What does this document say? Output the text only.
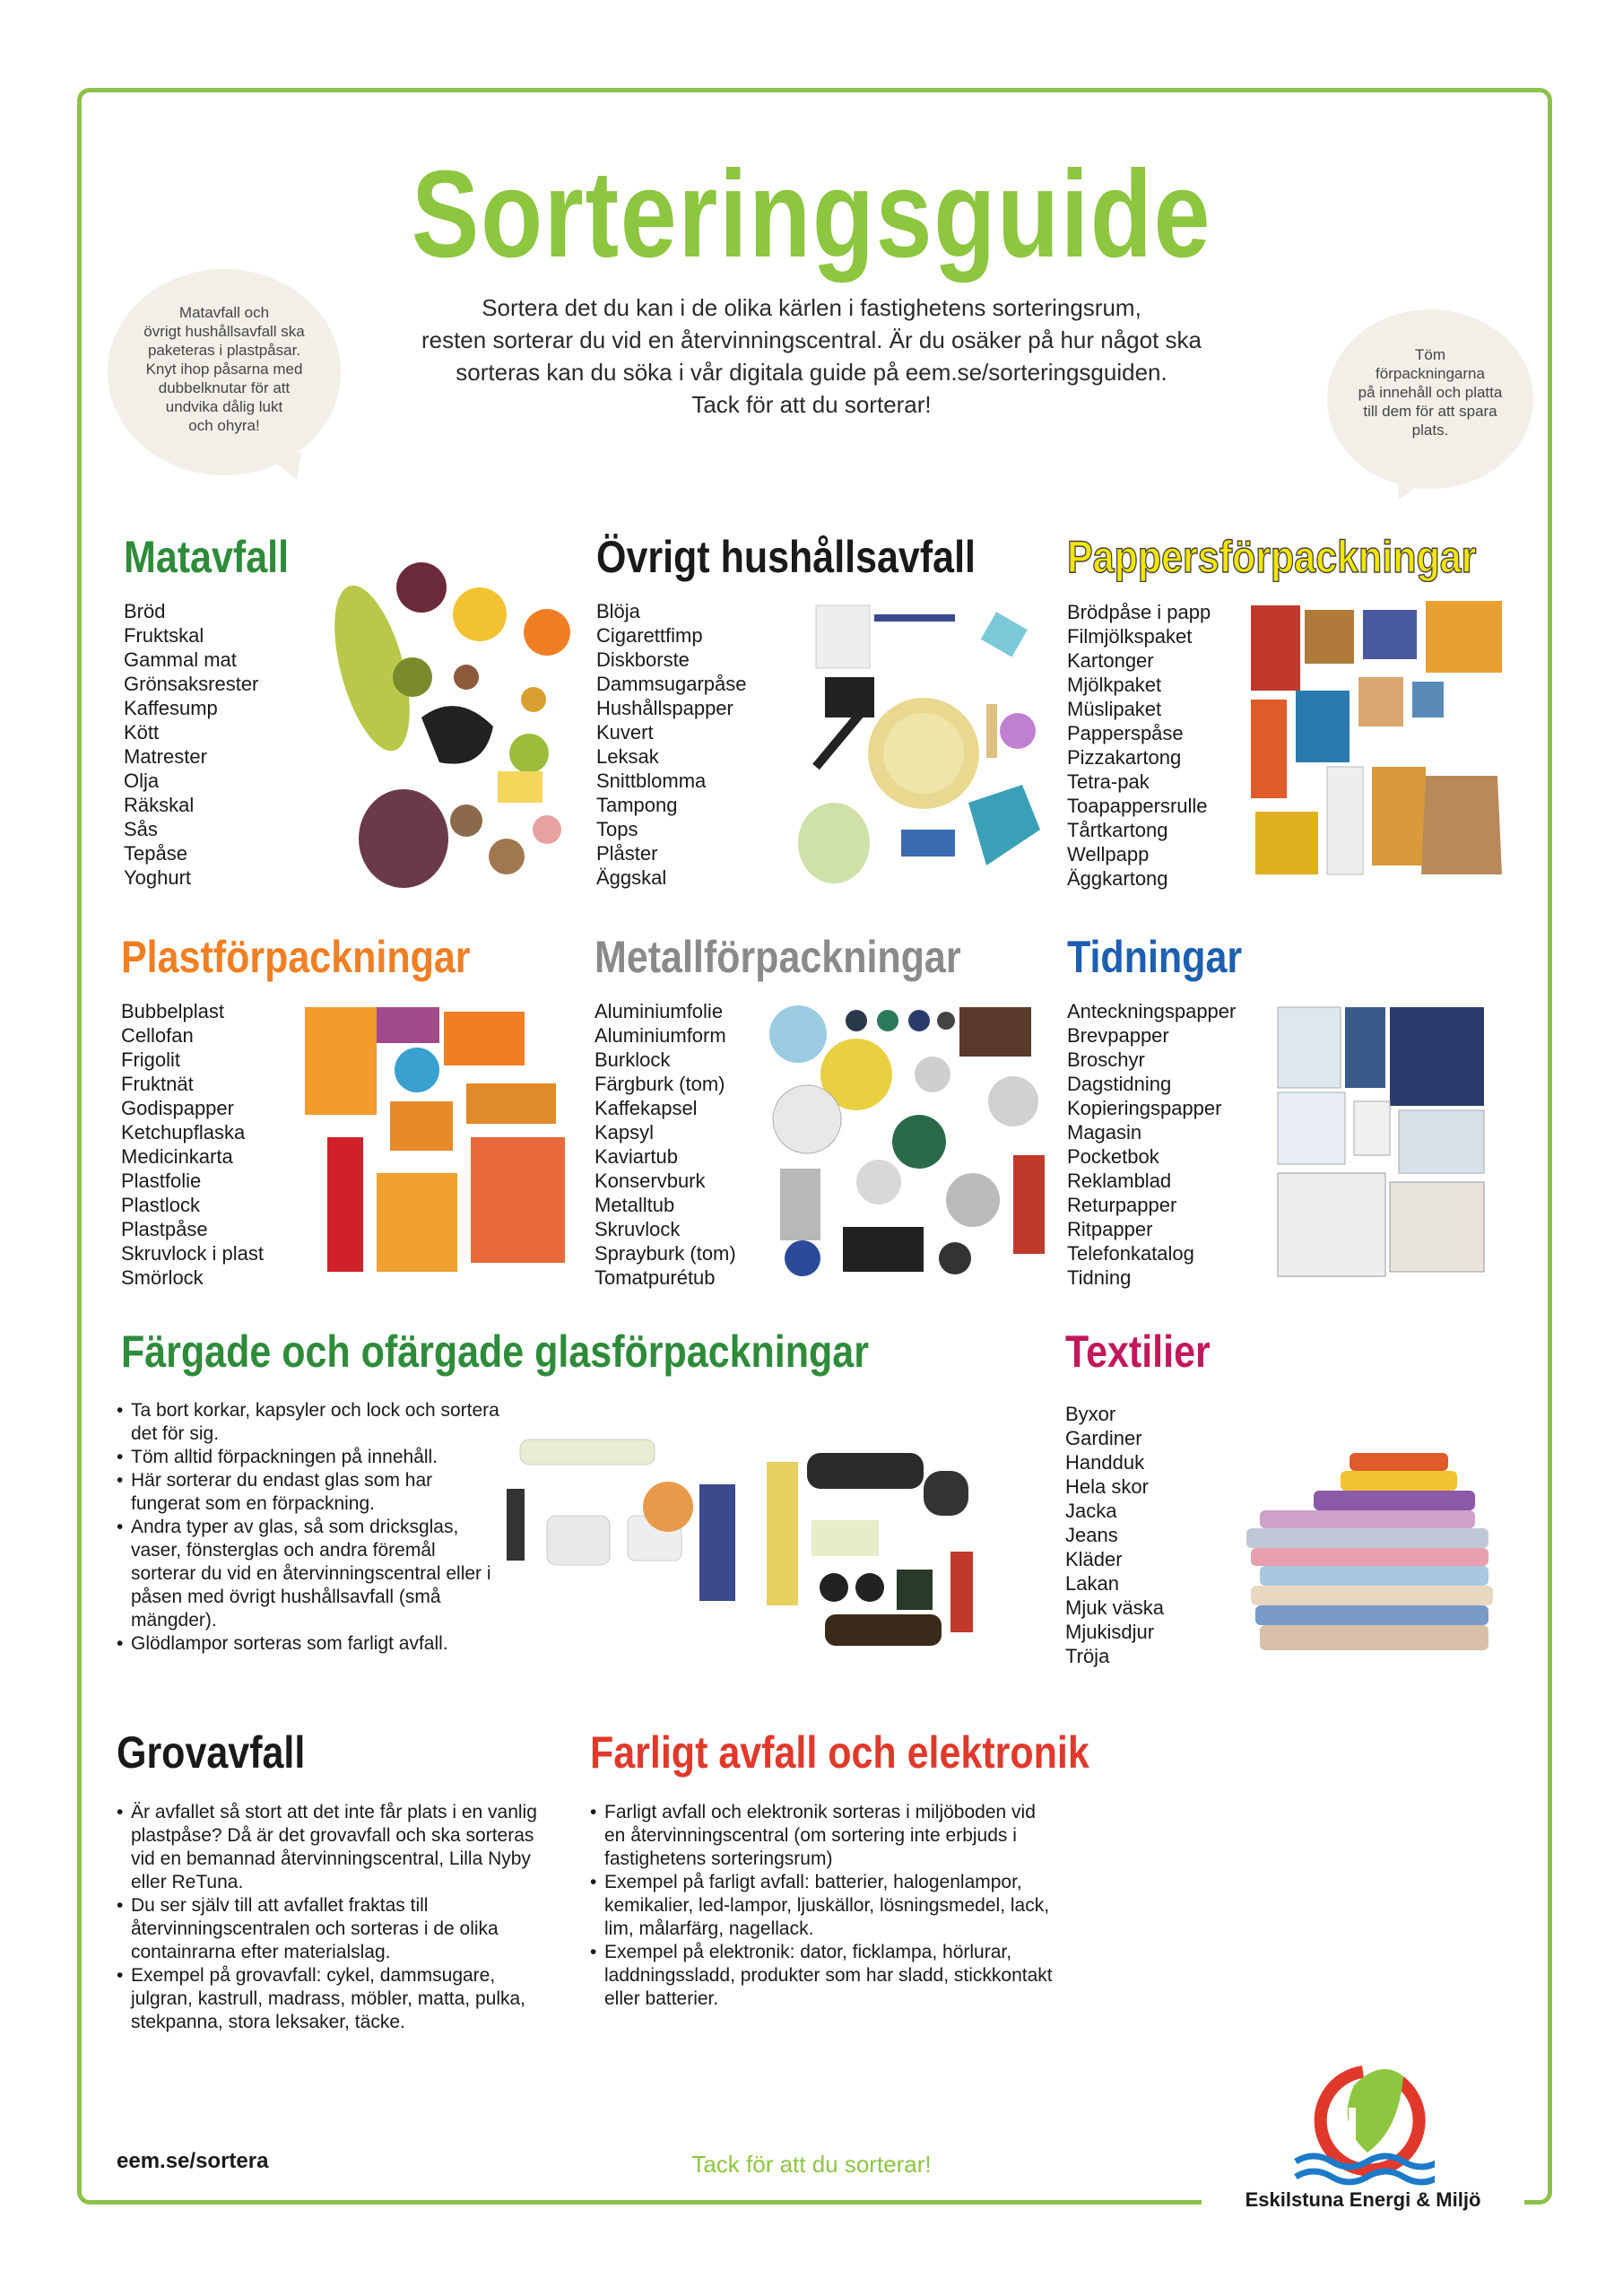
Sorteringsguide
Sortera det du kan i de olika kärlen i fastighetens sorteringsrum,
resten sorterar du vid en återvinningscentral. Är du osäker på hur något ska
sorteras kan du söka i vår digitala guide på eem.se/sorteringsguiden.
Tack för att du sorterar!
Matavfall och
övrigt hushållsavfall ska
paketeras i plastpåsar.
Knyt ihop påsarna med
dubbelknutar för att
undvika dålig lukt
och ohyra!
Töm
förpackningarna
på innehåll och platta
till dem för att spara
plats.
Matavfall
Bröd
Fruktskal
Gammal mat
Grönsaksrester
Kaffesump
Kött
Matrester
Olja
Räkskal
Sås
Tepåse
Yoghurt
Övrigt hushållsavfall
Blöja
Cigarettfimp
Diskborste
Dammsugarpåse
Hushållspapper
Kuvert
Leksak
Snittblomma
Tampong
Tops
Plåster
Äggskal
Pappersförpackningar
Brödpåse i papp
Filmjölkspaket
Kartonger
Mjölkpaket
Müslipaket
Papperspåse
Pizzakartong
Tetra-pak
Toapappersrulle
Tårtkartong
Wellpapp
Äggkartong
Plastförpackningar
Bubbelplast
Cellofan
Frigolit
Fruktnät
Godispapper
Ketchupflaska
Medicinkarta
Plastfolie
Plastlock
Plastpåse
Skruvlock i plast
Smörlock
Metallförpackningar
Aluminiumfolie
Aluminiumform
Burklock
Färgburk (tom)
Kaffekapsel
Kapsyl
Kaviartub
Konservburk
Metalltub
Skruvlock
Sprayburk (tom)
Tomatpurétub
Tidningar
Anteckningspapper
Brevpapper
Broschyr
Dagstidning
Kopieringspapper
Magasin
Pocketbok
Reklamblad
Returpapper
Ritpapper
Telefonkatalog
Tidning
Färgade och ofärgade glasförpackningar
• Ta bort korkar, kapsyler och lock och sortera det för sig.
• Töm alltid förpackningen på innehåll.
• Här sorterar du endast glas som har fungerat som en förpackning.
• Andra typer av glas, så som dricksglas, vaser, fönsterglas och andra föremål sorterar du vid en återvinningscentral eller i påsen med övrigt hushållsavfall (små mängder).
• Glödlampor sorteras som farligt avfall.
Textilier
Byxor
Gardiner
Handduk
Hela skor
Jacka
Jeans
Kläder
Lakan
Mjuk väska
Mjukisdjur
Tröja
Grovavfall
• Är avfallet så stort att det inte får plats i en vanlig plastpåse? Då är det grovavfall och ska sorteras vid en bemannad återvinningscentral, Lilla Nyby eller ReTuna.
• Du ser själv till att avfallet fraktas till återvinningscentralen och sorteras i de olika containrarna efter materialslag.
• Exempel på grovavfall: cykel, dammsugare, julgran, kastrull, madrass, möbler, matta, pulka, stekpanna, stora leksaker, täcke.
Farligt avfall och elektronik
• Farligt avfall och elektronik sorteras i miljöboden vid en återvinningscentral (om sortering inte erbjuds i fastighetens sorteringsrum)
• Exempel på farligt avfall: batterier, halogenlampor, kemikalier, led-lampor, ljuskällor, lösningsmedel, lack, lim, målarfärg, nagellack.
• Exempel på elektronik: dator, ficklampa, hörlurar, laddningssladd, produkter som har sladd, stickkontakt eller batterier.
eem.se/sortera	Tack för att du sorterar!
Eskilstuna Energi & Miljö
